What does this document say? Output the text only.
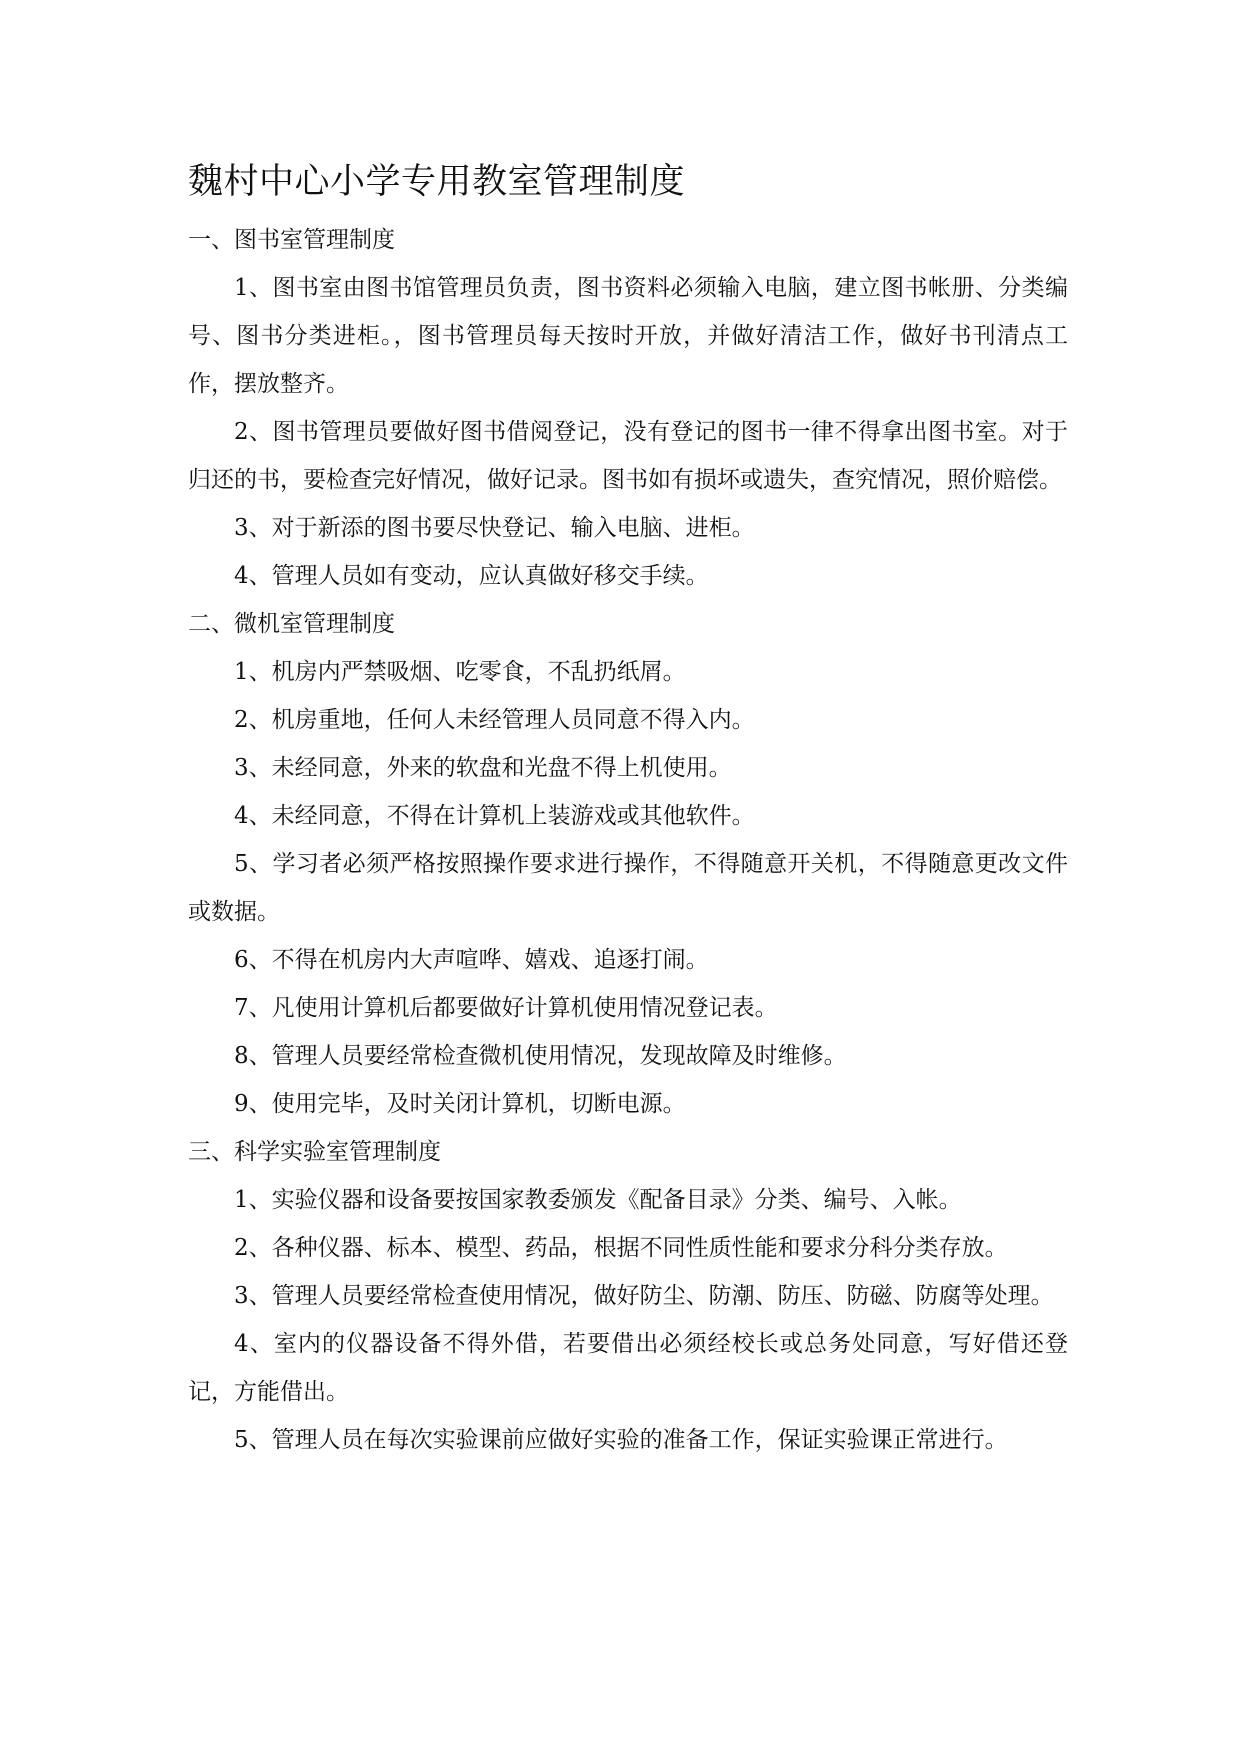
魏村中心小学专用教室管理制度
一、图书室管理制度
1、图书室由图书馆管理员负责，图书资料必须输入电脑，建立图书帐册、分类编号、图书分类进柜。，图书管理员每天按时开放，并做好清洁工作，做好书刊清点工作，摆放整齐。
2、图书管理员要做好图书借阅登记，没有登记的图书一律不得拿出图书室。对于归还的书，要检查完好情况，做好记录。图书如有损坏或遗失，查究情况，照价赔偿。
3、对于新添的图书要尽快登记、输入电脑、进柜。
4、管理人员如有变动，应认真做好移交手续。
二、微机室管理制度
1、机房内严禁吸烟、吃零食，不乱扔纸屑。
2、机房重地，任何人未经管理人员同意不得入内。
3、未经同意，外来的软盘和光盘不得上机使用。
4、未经同意，不得在计算机上装游戏或其他软件。
5、学习者必须严格按照操作要求进行操作，不得随意开关机，不得随意更改文件或数据。
6、不得在机房内大声喧哗、嬉戏、追逐打闹。
7、凡使用计算机后都要做好计算机使用情况登记表。
8、管理人员要经常检查微机使用情况，发现故障及时维修。
9、使用完毕，及时关闭计算机，切断电源。
三、科学实验室管理制度
1、实验仪器和设备要按国家教委颁发《配备目录》分类、编号、入帐。
2、各种仪器、标本、模型、药品，根据不同性质性能和要求分科分类存放。
3、管理人员要经常检查使用情况，做好防尘、防潮、防压、防磁、防腐等处理。
4、室内的仪器设备不得外借，若要借出必须经校长或总务处同意，写好借还登记，方能借出。
5、管理人员在每次实验课前应做好实验的准备工作，保证实验课正常进行。
